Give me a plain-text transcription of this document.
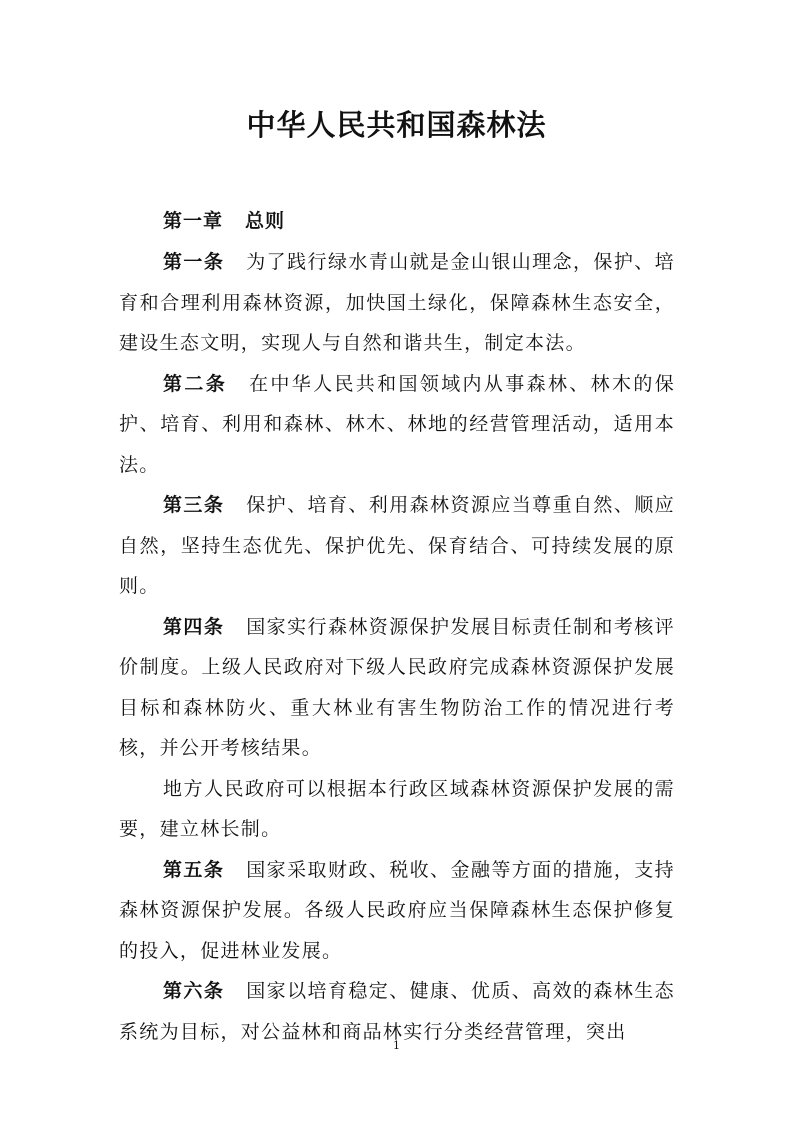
中华人民共和国森林法
第一章 总则

第一条 为了践行绿水青山就是金山银山理念，保护、培育和合理利用森林资源，加快国土绿化，保障森林生态安全，建设生态文明，实现人与自然和谐共生，制定本法。

第二条 在中华人民共和国领域内从事森林、林木的保护、培育、利用和森林、林木、林地的经营管理活动，适用本法。

第三条 保护、培育、利用森林资源应当尊重自然、顺应自然，坚持生态优先、保护优先、保育结合、可持续发展的原则。

第四条 国家实行森林资源保护发展目标责任制和考核评价制度。上级人民政府对下级人民政府完成森林资源保护发展目标和森林防火、重大林业有害生物防治工作的情况进行考核，并公开考核结果。

地方人民政府可以根据本行政区域森林资源保护发展的需要，建立林长制。

第五条 国家采取财政、税收、金融等方面的措施，支持森林资源保护发展。各级人民政府应当保障森林生态保护修复的投入，促进林业发展。

第六条 国家以培育稳定、健康、优质、高效的森林生态系统为目标，对公益林和商品林实行分类经营管理，突出

1
